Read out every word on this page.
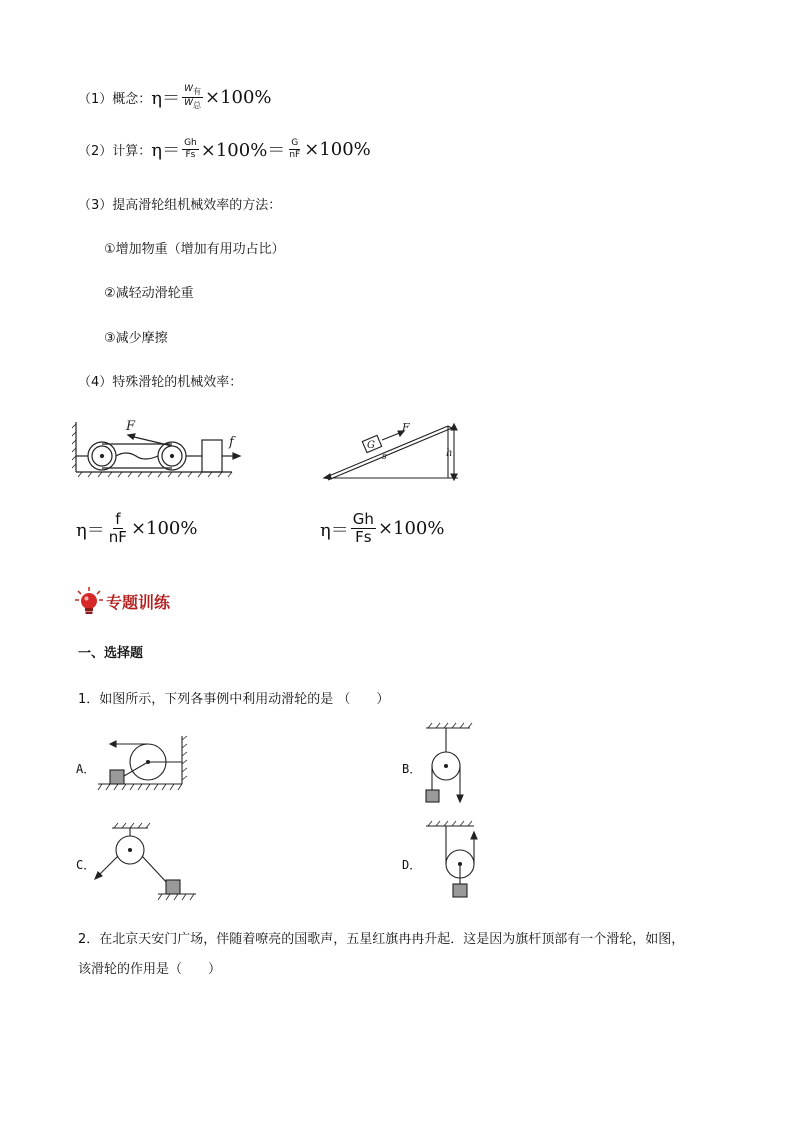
（1）概念： $\eta= \frac{\text{W有}}{\text{W总}} \times 100\%$
（2）计算： $\eta= \frac{Gh}{Fs} \times 100\%= \frac{G}{nF} \times 100\%$
（3）提高滑轮组机械效率的方法：
①增加物重（增加有用功占比）
②减轻动滑轮重
③减少摩擦
（4）特殊滑轮的机械效率：
F
f	G
F
s	h
$\eta= \frac{f}{nF} \times 100\%$	$\eta= \frac{Gh}{Fs} \times 100\%$
专题训练
一、选择题
1．如图所示，下列各事例中利用动滑轮的是 （　　）
A．	B．
C．	D．
2．在北京天安门广场，伴随着嘹亮的国歌声，五星红旗冉冉升起．这是因为旗杆顶部有一个滑轮，如图，
该滑轮的作用是（　　）
